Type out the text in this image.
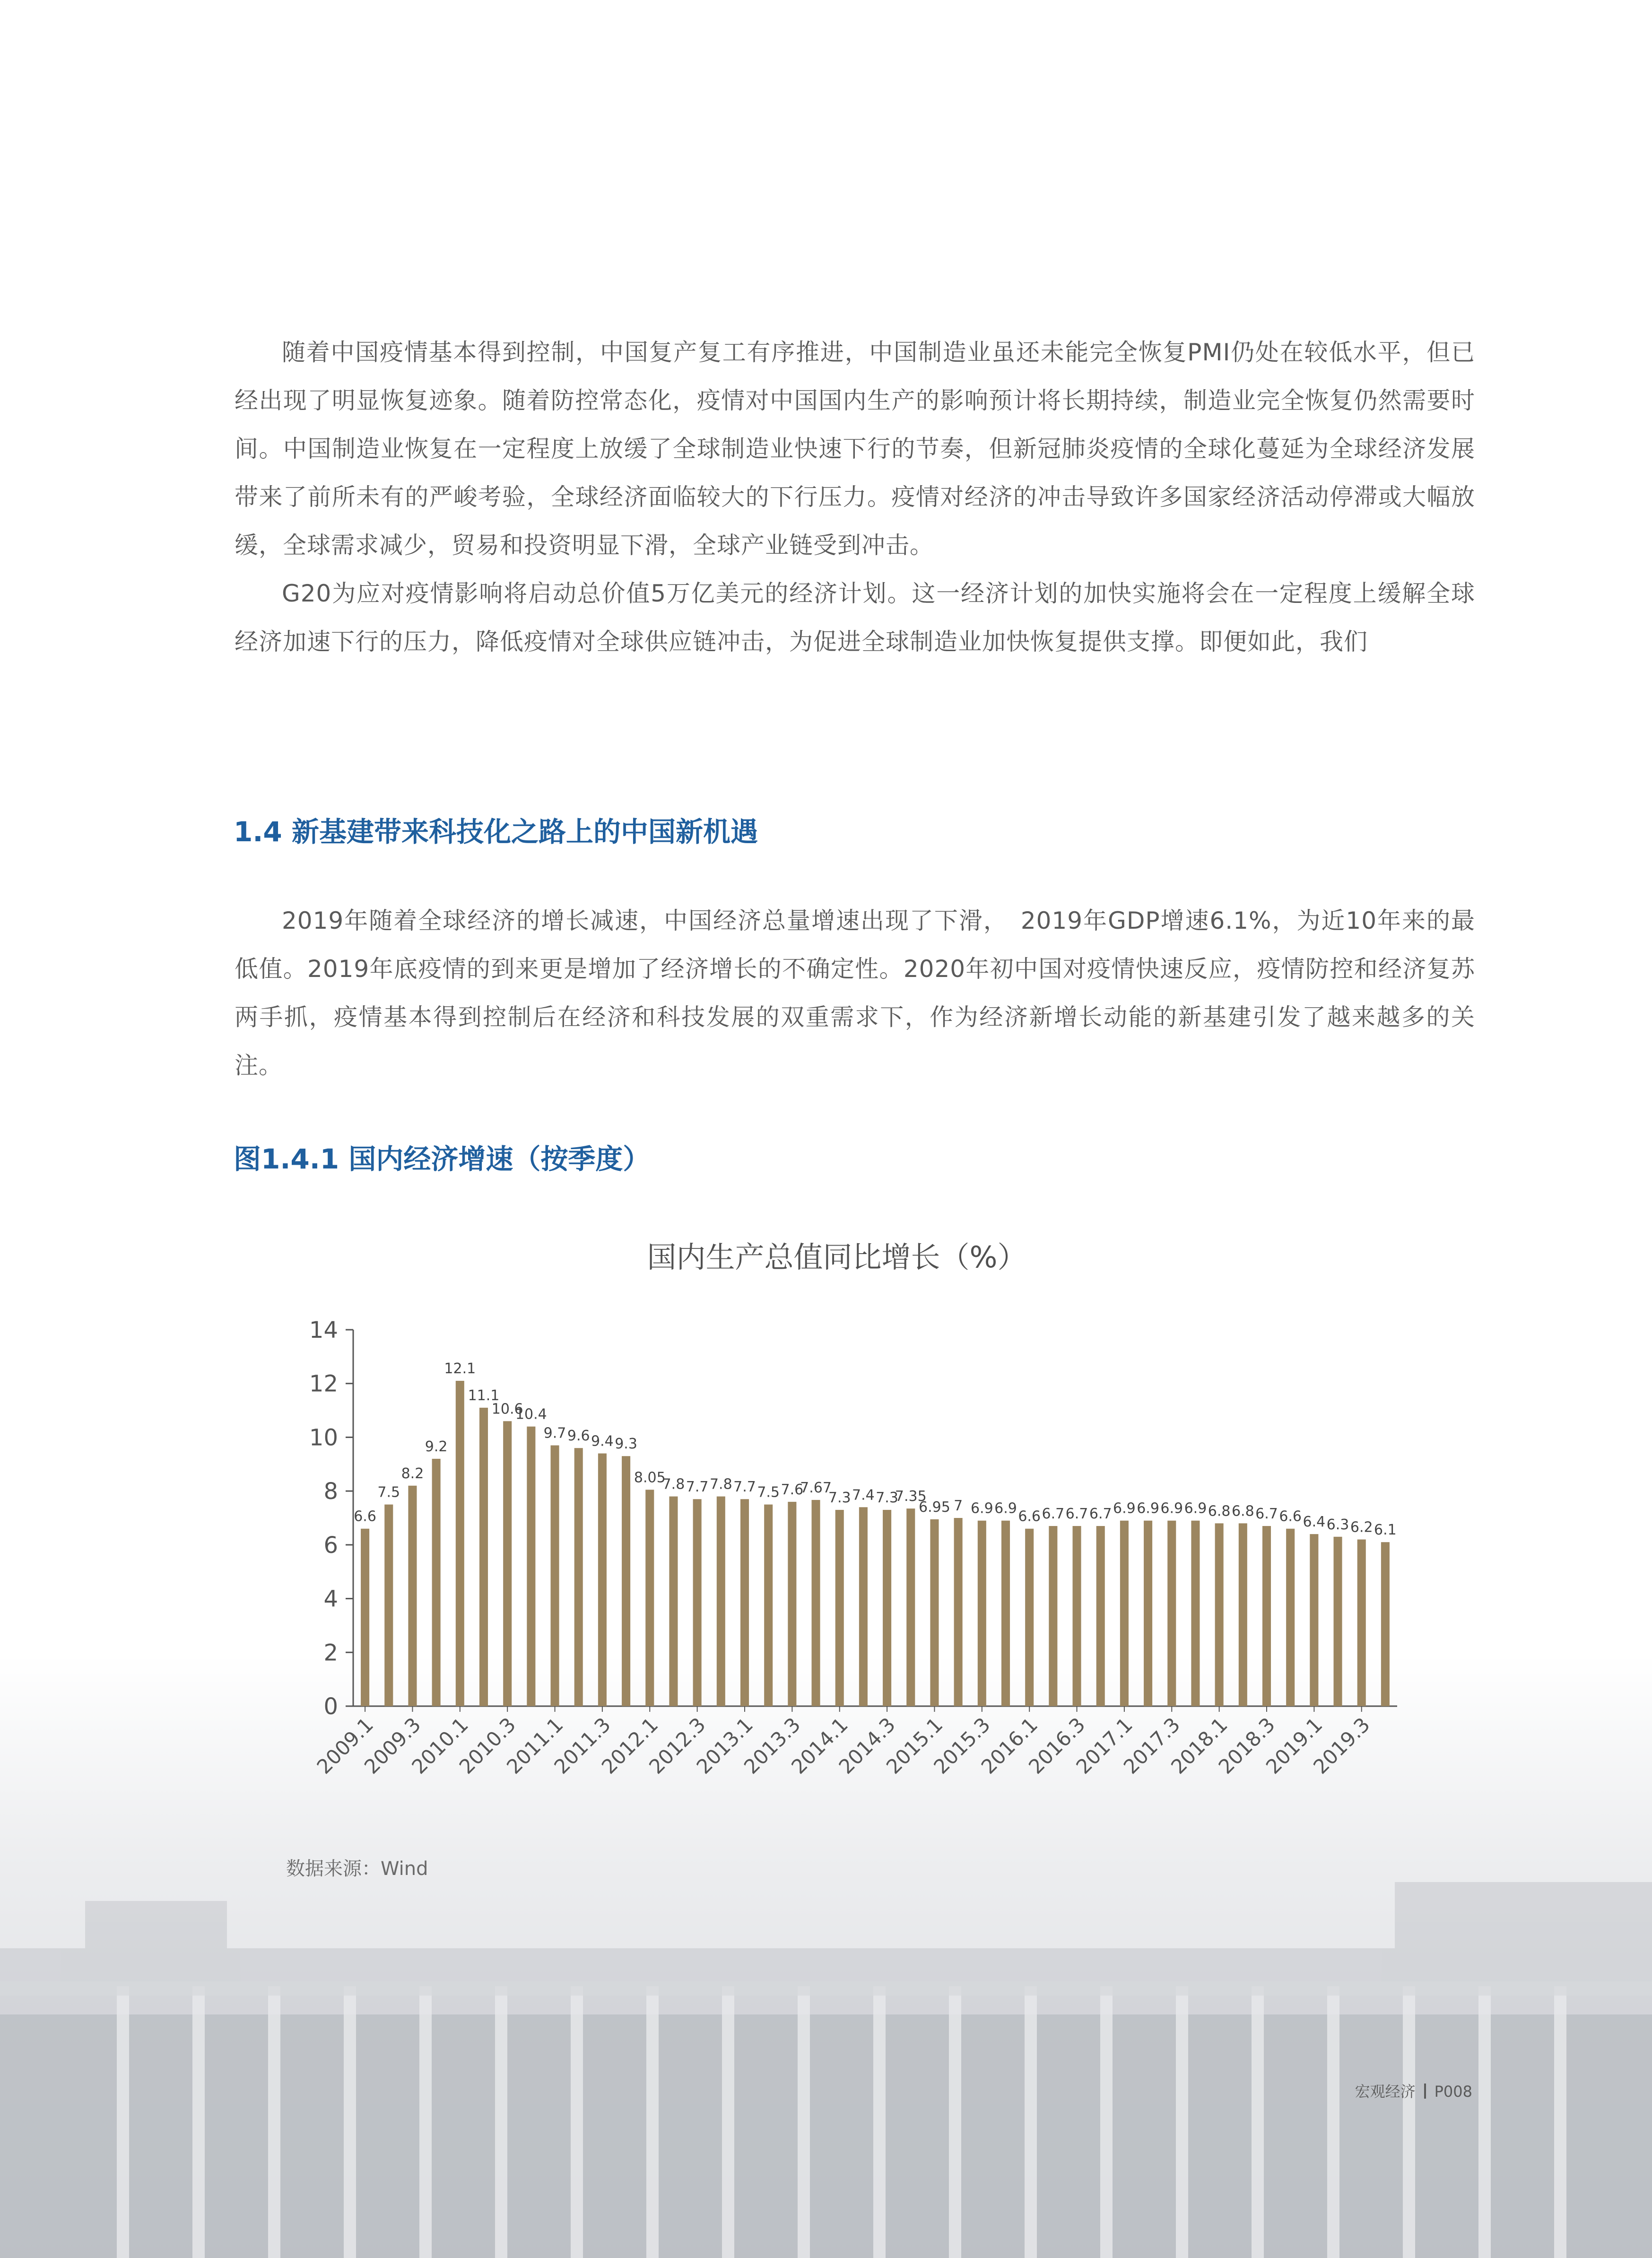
随着中国疫情基本得到控制，中国复产复工有序推进，中国制造业虽还未能完全恢复PMI仍处在较低水平，但已经出现了明显恢复迹象。随着防控常态化，疫情对中国国内生产的影响预计将长期持续，制造业完全恢复仍然需要时间。中国制造业恢复在一定程度上放缓了全球制造业快速下行的节奏，但新冠肺炎疫情的全球化蔓延为全球经济发展带来了前所未有的严峻考验，全球经济面临较大的下行压力。疫情对经济的冲击导致许多国家经济活动停滞或大幅放缓，全球需求减少，贸易和投资明显下滑，全球产业链受到冲击。

G20为应对疫情影响将启动总价值5万亿美元的经济计划。这一经济计划的加快实施将会在一定程度上缓解全球经济加速下行的压力，降低疫情对全球供应链冲击，为促进全球制造业加快恢复提供支撑。即便如此，我们

1.4 新基建带来科技化之路上的中国新机遇

2019年随着全球经济的增长减速，中国经济总量增速出现了下滑，　2019年GDP增速6.1%，为近10年来的最低值。2019年底疫情的到来更是增加了经济增长的不确定性。2020年初中国对疫情快速反应，疫情防控和经济复苏两手抓，疫情基本得到控制后在经济和科技发展的双重需求下，作为经济新增长动能的新基建引发了越来越多的关注。

图1.4.1 国内经济增速（按季度）
国内生产总值同比增长（%）
0
2
4
6
8
10
12
14
6.6
7.5
8.2
9.2
12.1
11.1
10.6
10.4
9.7 9.6 9.4 9.3
8.05
7.8 7.7 7.8 7.7 7.5 7.6
7.67
7.3 7.4 7.3
7.35
6.95 7 6.9 6.9 6.6 6.7 6.7 6.7 6.9 6.9 6.9 6.9 6.8 6.8 6.7 6.6 6.4 6.3 6.2 6.1
2009.1
2009.3
2010.1
2010.3
2011.1
2011.3
2012.1
2012.3
2013.1
2013.3
2014.1
2014.3
2015.1
2015.3
2016.1
2016.3
2017.1
2017.3
2018.1
2018.3
2019.1
2019.3
数据来源：Wind
宏观经济 P008
